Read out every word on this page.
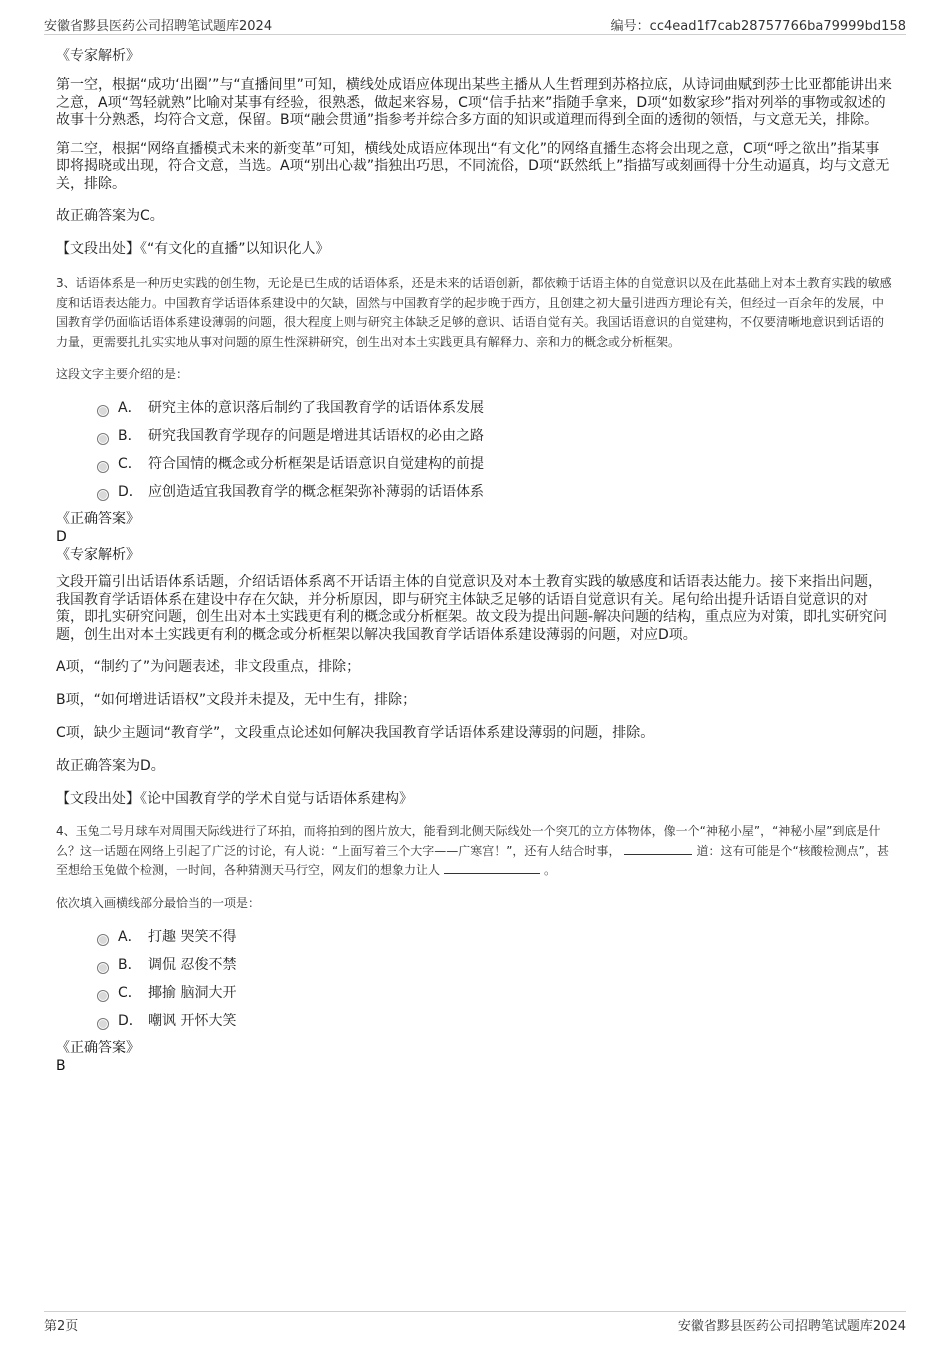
安徽省黟县医药公司招聘笔试题库2024	编号：cc4ead1f7cab28757766ba79999bd158

《专家解析》

第一空，根据“成功‘出圈’”与“直播间里”可知，横线处成语应体现出某些主播从人生哲理到苏格拉底，从诗词曲赋到莎士比亚都能讲出来之意，A项“驾轻就熟”比喻对某事有经验，很熟悉，做起来容易，C项“信手拈来”指随手拿来，D项“如数家珍”指对列举的事物或叙述的故事十分熟悉，均符合文意，保留。B项“融会贯通”指参考并综合多方面的知识或道理而得到全面的透彻的领悟，与文意无关，排除。

第二空，根据“网络直播模式未来的新变革”可知，横线处成语应体现出“有文化”的网络直播生态将会出现之意，C项“呼之欲出”指某事即将揭晓或出现，符合文意，当选。A项“别出心裁”指独出巧思，不同流俗，D项“跃然纸上”指描写或刻画得十分生动逼真，均与文意无关，排除。

故正确答案为C。

【文段出处】《“有文化的直播”以知识化人》

3、话语体系是一种历史实践的创生物，无论是已生成的话语体系，还是未来的话语创新，都依赖于话语主体的自觉意识以及在此基础上对本土教育实践的敏感度和话语表达能力。中国教育学话语体系建设中的欠缺，固然与中国教育学的起步晚于西方，且创建之初大量引进西方理论有关，但经过一百余年的发展，中国教育学仍面临话语体系建设薄弱的问题，很大程度上则与研究主体缺乏足够的意识、话语自觉有关。我国话语意识的自觉建构，不仅要清晰地意识到话语的力量，更需要扎扎实实地从事对问题的原生性深耕研究，创生出对本土实践更具有解释力、亲和力的概念或分析框架。

这段文字主要介绍的是：

A． 研究主体的意识落后制约了我国教育学的话语体系发展
B． 研究我国教育学现存的问题是增进其话语权的必由之路
C． 符合国情的概念或分析框架是话语意识自觉建构的前提
D． 应创造适宜我国教育学的概念框架弥补薄弱的话语体系

《正确答案》

D

《专家解析》

文段开篇引出话语体系话题，介绍话语体系离不开话语主体的自觉意识及对本土教育实践的敏感度和话语表达能力。接下来指出问题，我国教育学话语体系在建设中存在欠缺，并分析原因，即与研究主体缺乏足够的话语自觉意识有关。尾句给出提升话语自觉意识的对策，即扎实研究问题，创生出对本土实践更有利的概念或分析框架。故文段为提出问题-解决问题的结构，重点应为对策，即扎实研究问题，创生出对本土实践更有利的概念或分析框架以解决我国教育学话语体系建设薄弱的问题，对应D项。

A项，“制约了”为问题表述，非文段重点，排除；

B项，“如何增进话语权”文段并未提及，无中生有，排除；

C项，缺少主题词“教育学”，文段重点论述如何解决我国教育学话语体系建设薄弱的问题，排除。

故正确答案为D。

【文段出处】《论中国教育学的学术自觉与话语体系建构》

4、玉兔二号月球车对周围天际线进行了环拍，而将拍到的图片放大，能看到北侧天际线处一个突兀的立方体物体，像一个“神秘小屋”，“神秘小屋”到底是什么？这一话题在网络上引起了广泛的讨论，有人说：“上面写着三个大字——广寒宫！”，还有人结合时事，	道：这有可能是个“核酸检测点”，甚至想给玉兔做个检测，一时间，各种猜测天马行空，网友们的想象力让人	。

依次填入画横线部分最恰当的一项是：

A． 打趣 哭笑不得
B． 调侃 忍俊不禁
C． 揶揄 脑洞大开
D． 嘲讽 开怀大笑

《正确答案》

B

第2页	安徽省黟县医药公司招聘笔试题库2024
